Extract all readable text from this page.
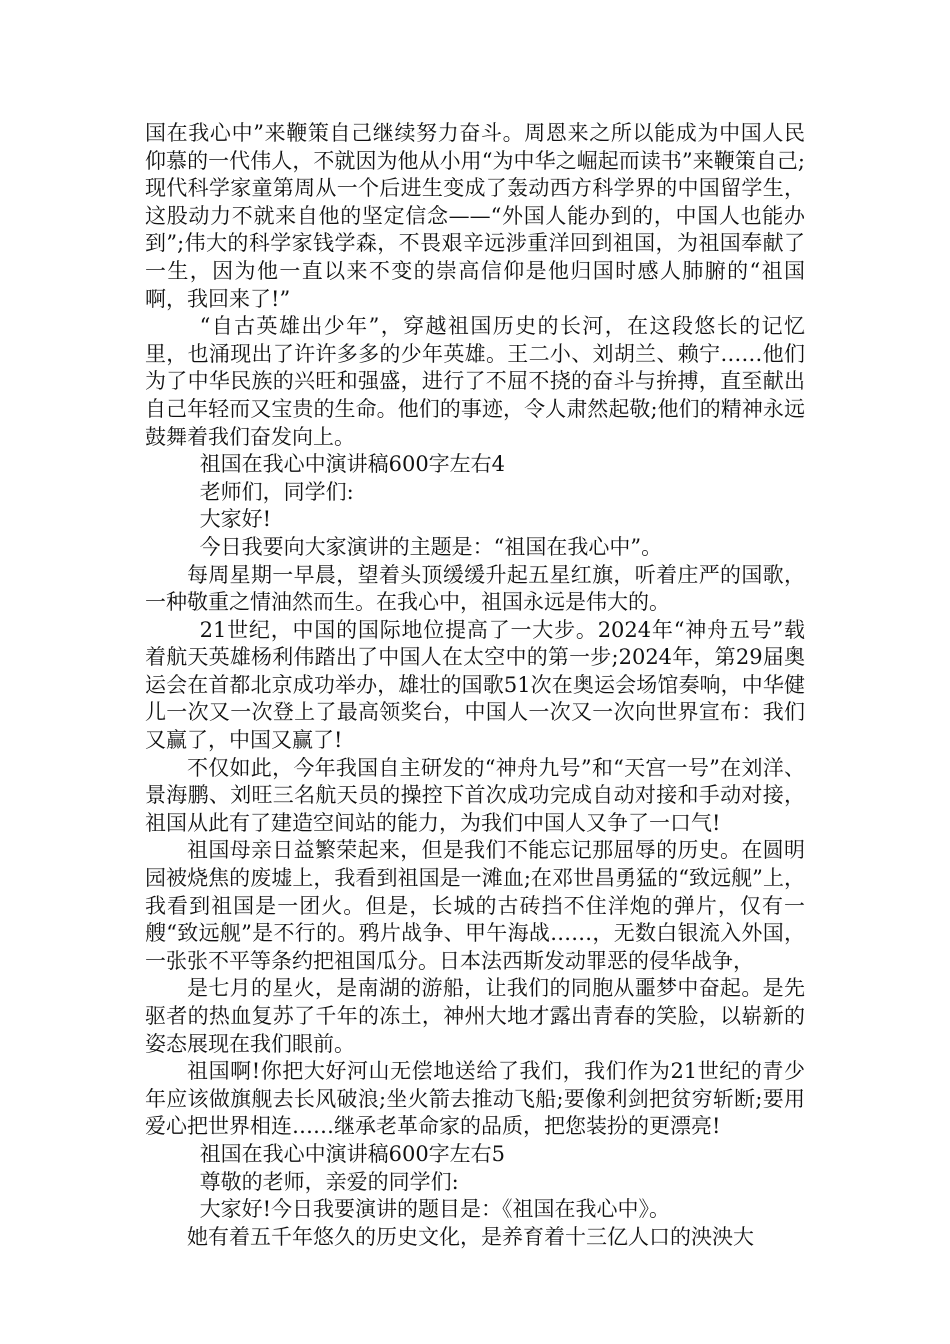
国在我心中”来鞭策自己继续努力奋斗。周恩来之所以能成为中国人民仰慕的一代伟人，不就因为他从小用“为中华之崛起而读书”来鞭策自己;现代科学家童第周从一个后进生变成了轰动西方科学界的中国留学生，这股动力不就来自他的坚定信念——“外国人能办到的，中国人也能办到”;伟大的科学家钱学森，不畏艰辛远涉重洋回到祖国，为祖国奉献了一生，因为他一直以来不变的崇高信仰是他归国时感人肺腑的“祖国啊，我回来了!”

“自古英雄出少年”，穿越祖国历史的长河，在这段悠长的记忆里，也涌现出了许许多多的少年英雄。王二小、刘胡兰、赖宁……他们为了中华民族的兴旺和强盛，进行了不屈不挠的奋斗与拚搏，直至献出自己年轻而又宝贵的生命。他们的事迹，令人肃然起敬;他们的精神永远鼓舞着我们奋发向上。

祖国在我心中演讲稿600字左右4

老师们，同学们:

大家好!

今日我要向大家演讲的主题是：“祖国在我心中”。

每周星期一早晨，望着头顶缓缓升起五星红旗，听着庄严的国歌，一种敬重之情油然而生。在我心中，祖国永远是伟大的。

21世纪，中国的国际地位提高了一大步。2024年“神舟五号”载着航天英雄杨利伟踏出了中国人在太空中的第一步;2024年，第29届奥运会在首都北京成功举办，雄壮的国歌51次在奥运会场馆奏响，中华健儿一次又一次登上了最高领奖台，中国人一次又一次向世界宣布：我们又赢了，中国又赢了!

不仅如此，今年我国自主研发的“神舟九号”和“天宫一号”在刘洋、景海鹏、刘旺三名航天员的操控下首次成功完成自动对接和手动对接，祖国从此有了建造空间站的能力，为我们中国人又争了一口气!

祖国母亲日益繁荣起来，但是我们不能忘记那屈辱的历史。在圆明园被烧焦的废墟上，我看到祖国是一滩血;在邓世昌勇猛的“致远舰”上，我看到祖国是一团火。但是，长城的古砖挡不住洋炮的弹片，仅有一艘“致远舰”是不行的。鸦片战争、甲午海战……，无数白银流入外国，一张张不平等条约把祖国瓜分。日本法西斯发动罪恶的侵华战争，

是七月的星火，是南湖的游船，让我们的同胞从噩梦中奋起。是先驱者的热血复苏了千年的冻土，神州大地才露出青春的笑脸，以崭新的姿态展现在我们眼前。

祖国啊!你把大好河山无偿地送给了我们，我们作为21世纪的青少年应该做旗舰去长风破浪;坐火箭去推动飞船;要像利剑把贫穷斩断;要用爱心把世界相连……继承老革命家的品质，把您装扮的更漂亮!

祖国在我心中演讲稿600字左右5

尊敬的老师，亲爱的同学们:

大家好!今日我要演讲的题目是：《祖国在我心中》。

她有着五千年悠久的历史文化，是养育着十三亿人口的泱泱大
